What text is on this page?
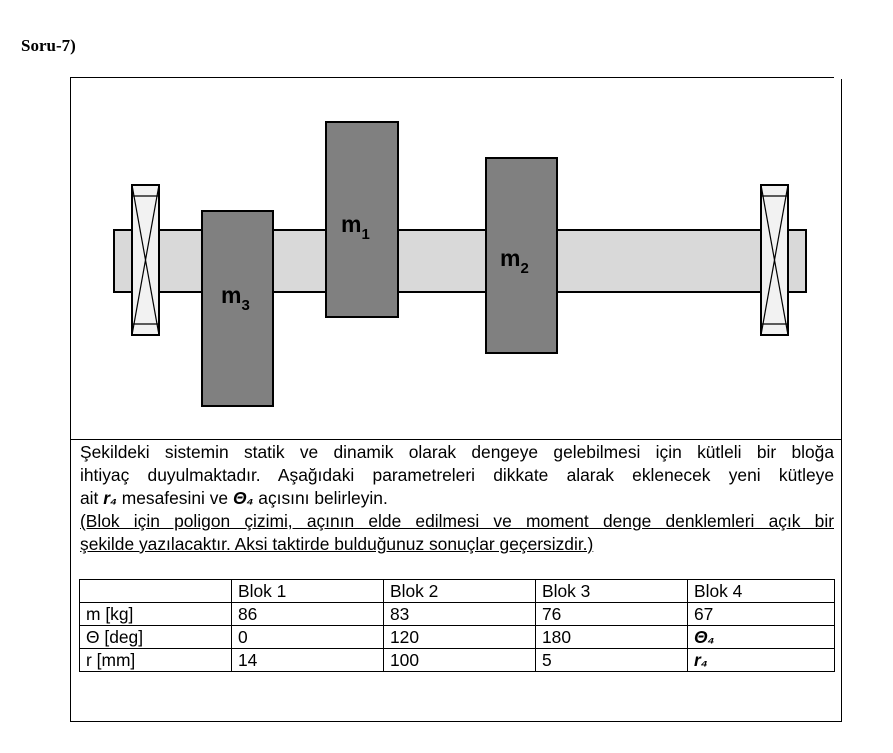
Soru-7)
$m_3$
$m_1$
$m_2$
Şekildeki sistemin statik ve dinamik olarak dengeye gelebilmesi için kütleli bir bloğa
ihtiyaç duyulmaktadır. Aşağıdaki parametreleri dikkate alarak eklenecek yeni kütleye
ait r₄ mesafesini ve Θ₄ açısını belirleyin.
(Blok için poligon çizimi, açının elde edilmesi ve moment denge denklemleri açık bir
şekilde yazılacaktır. Aksi taktirde bulduğunuz sonuçlar geçersizdir.)
	Blok 1	Blok 2	Blok 3	Blok 4
m [kg]	86	83	76	67
Θ [deg]	0	120	180	Θ₄
r [mm]	14	100	5	r₄
